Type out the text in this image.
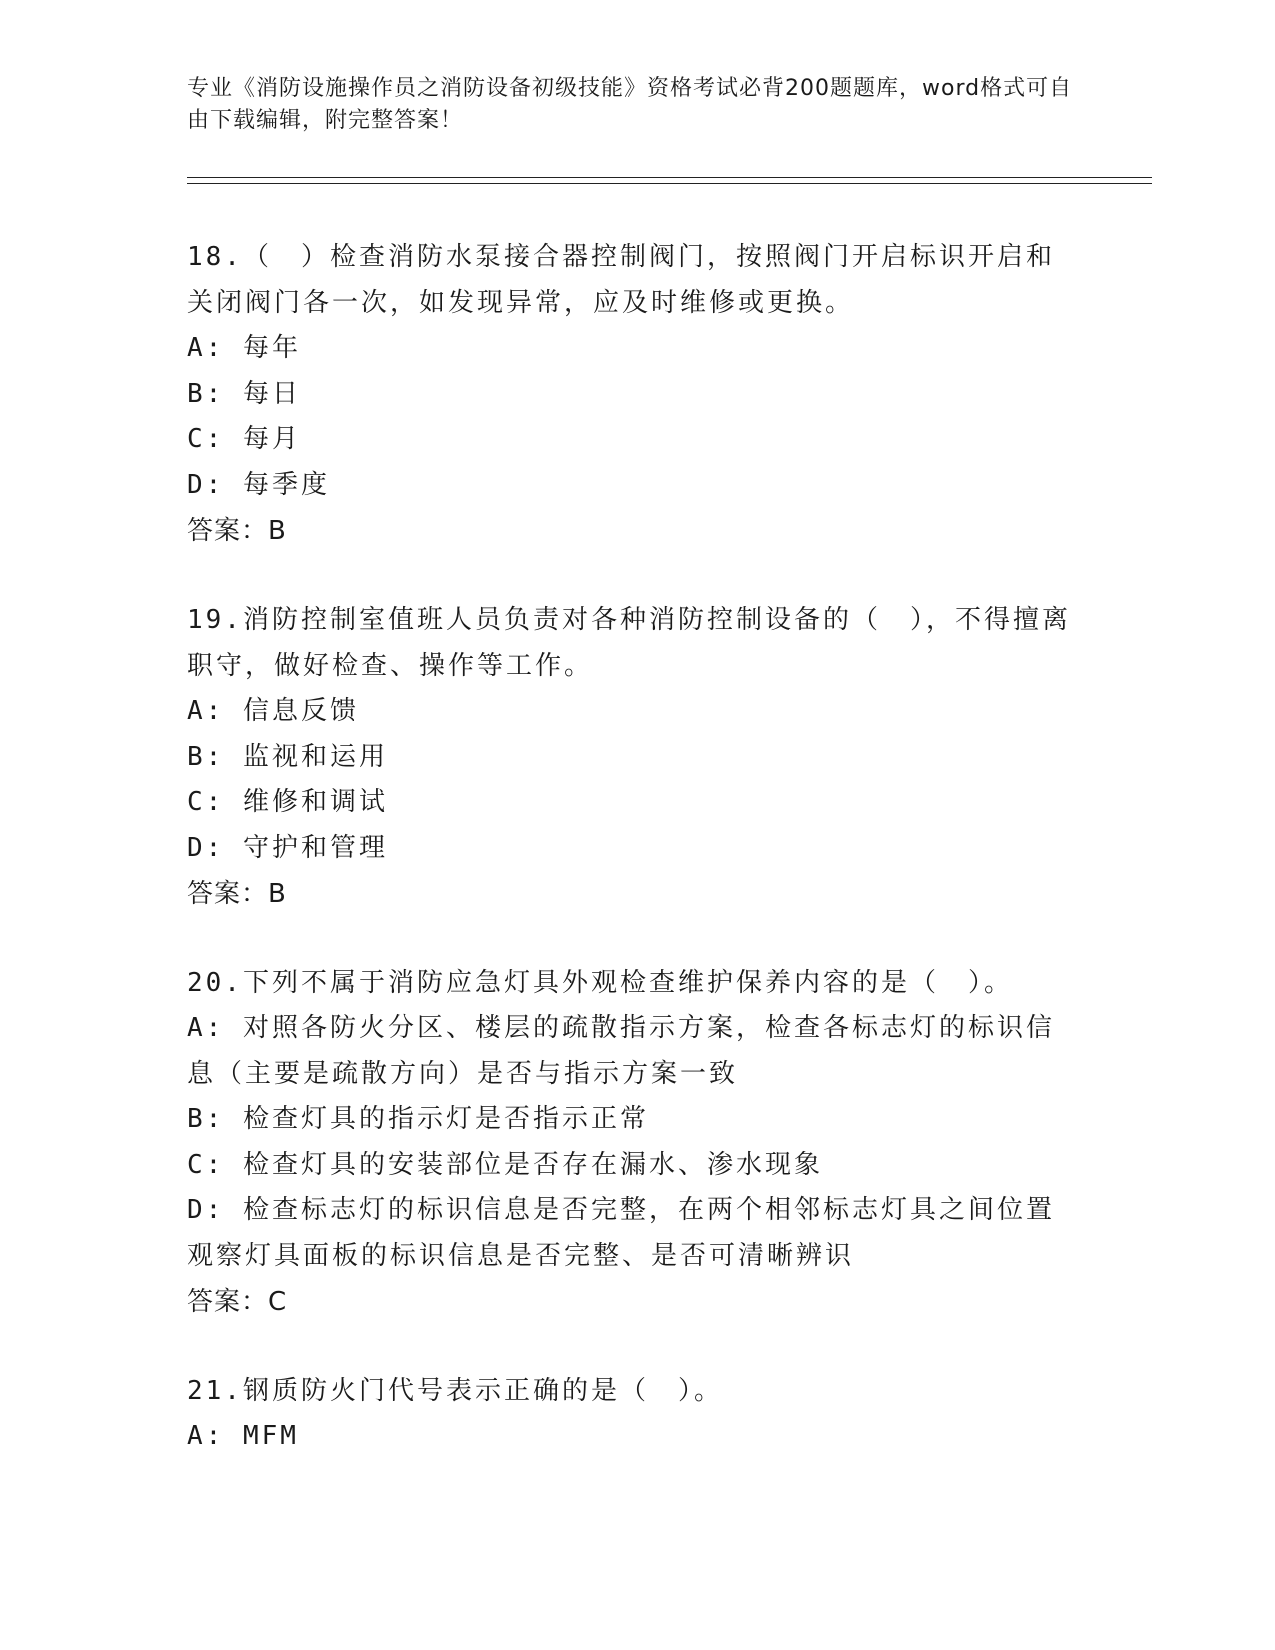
专业《消防设施操作员之消防设备初级技能》资格考试必背200题题库，word格式可自由下载编辑，附完整答案！
18.（　）检查消防水泵接合器控制阀门，按照阀门开启标识开启和关闭阀门各一次，如发现异常，应及时维修或更换。
A: 每年
B: 每日
C: 每月
D: 每季度
答案：B
19.消防控制室值班人员负责对各种消防控制设备的（　），不得擅离职守，做好检查、操作等工作。
A: 信息反馈
B: 监视和运用
C: 维修和调试
D: 守护和管理
答案：B
20.下列不属于消防应急灯具外观检查维护保养内容的是（　）。
A: 对照各防火分区、楼层的疏散指示方案，检查各标志灯的标识信息（主要是疏散方向）是否与指示方案一致
B: 检查灯具的指示灯是否指示正常
C: 检查灯具的安装部位是否存在漏水、渗水现象
D: 检查标志灯的标识信息是否完整，在两个相邻标志灯具之间位置观察灯具面板的标识信息是否完整、是否可清晰辨识
答案：C
21.钢质防火门代号表示正确的是（　）。
A: MFM
